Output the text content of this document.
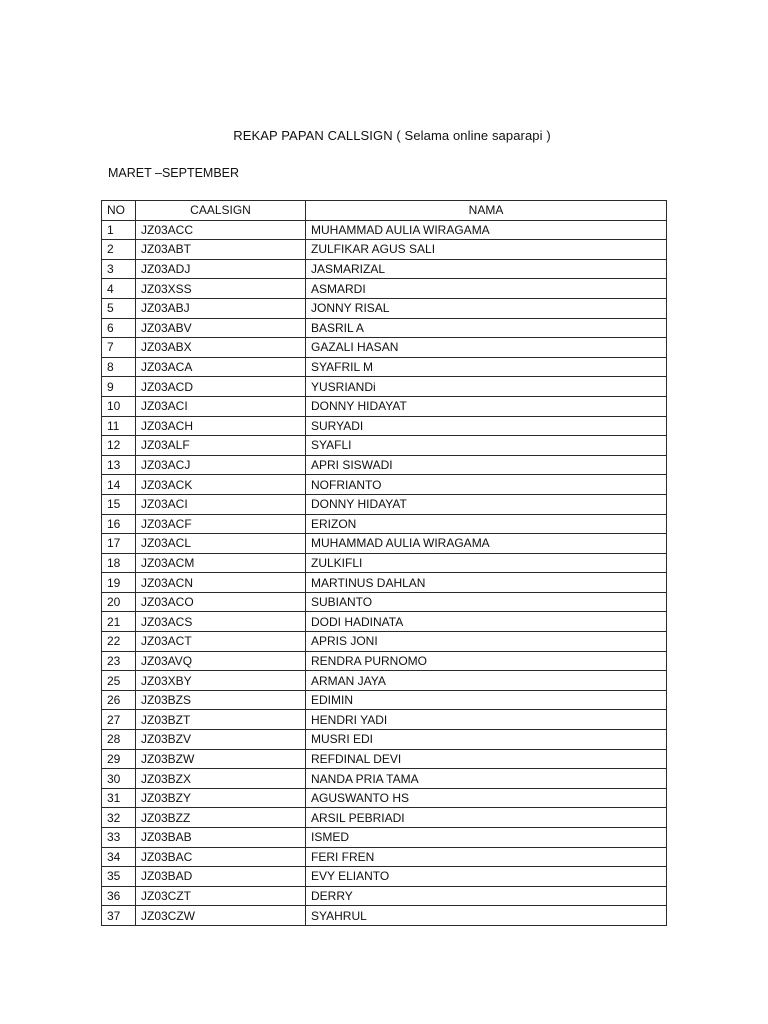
REKAP PAPAN CALLSIGN ( Selama online saparapi )
MARET –SEPTEMBER
NO	CAALSIGN	NAMA
1	JZ03ACC	MUHAMMAD AULIA WIRAGAMA
2	JZ03ABT	ZULFIKAR AGUS SALI
3	JZ03ADJ	JASMARIZAL
4	JZ03XSS	ASMARDI
5	JZ03ABJ	JONNY RISAL
6	JZ03ABV	BASRIL A
7	JZ03ABX	GAZALI HASAN
8	JZ03ACA	SYAFRIL M
9	JZ03ACD	YUSRIANDi
10	JZ03ACI	DONNY HIDAYAT
11	JZ03ACH	SURYADI
12	JZ03ALF	SYAFLI
13	JZ03ACJ	APRI SISWADI
14	JZ03ACK	NOFRIANTO
15	JZ03ACI	DONNY HIDAYAT
16	JZ03ACF	ERIZON
17	JZ03ACL	MUHAMMAD AULIA WIRAGAMA
18	JZ03ACM	ZULKIFLI
19	JZ03ACN	MARTINUS DAHLAN
20	JZ03ACO	SUBIANTO
21	JZ03ACS	DODI HADINATA
22	JZ03ACT	APRIS JONI
23	JZ03AVQ	RENDRA PURNOMO
25	JZ03XBY	ARMAN JAYA
26	JZ03BZS	EDIMIN
27	JZ03BZT	HENDRI YADI
28	JZ03BZV	MUSRI EDI
29	JZ03BZW	REFDINAL DEVI
30	JZ03BZX	NANDA PRIA TAMA
31	JZ03BZY	AGUSWANTO HS
32	JZ03BZZ	ARSIL PEBRIADI
33	JZ03BAB	ISMED
34	JZ03BAC	FERI FREN
35	JZ03BAD	EVY ELIANTO
36	JZ03CZT	DERRY
37	JZ03CZW	SYAHRUL
